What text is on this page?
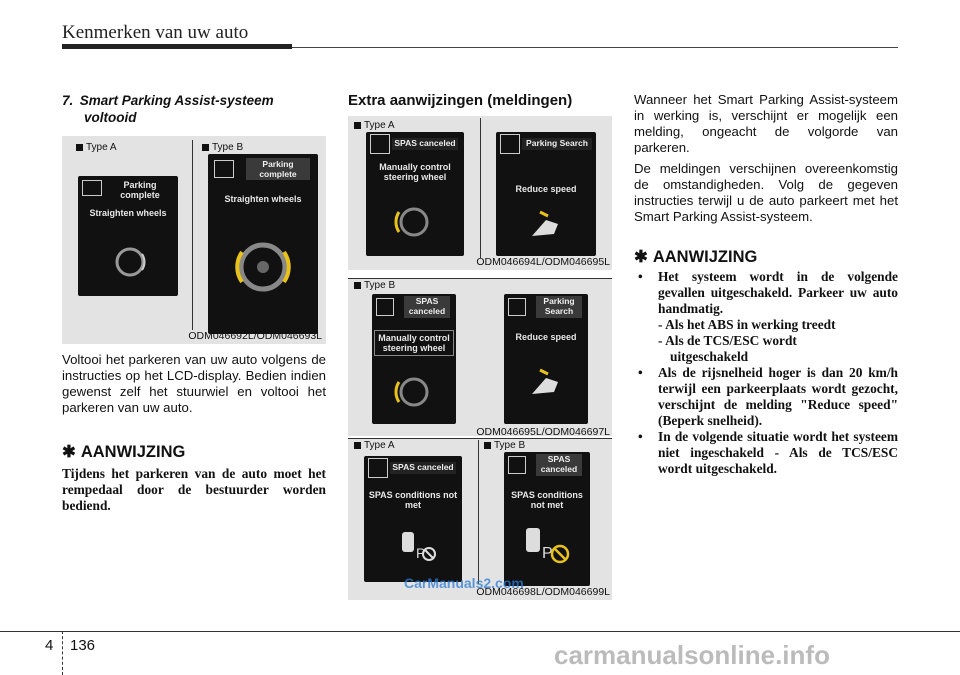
Kenmerken van uw auto
7. Smart Parking Assist-systeem
voltooid
Type A	Type B
Parking complete
Straighten wheels
Parking complete
Straighten wheels
ODM046692L/ODM046693L
Voltooi het parkeren van uw auto volgens de instructies op het LCD-display. Bedien indien gewenst zelf het stuurwiel en voltooi het parkeren van uw auto.
✱ AANWIJZING
Tijdens het parkeren van de auto moet het rempedaal door de bestuurder worden bediend.
Extra aanwijzingen (meldingen)
Type A
SPAS canceled
Manually control steering wheel
Parking Search
Reduce speed
ODM046694L/ODM046695L
Type B
SPAS canceled
Manually control steering wheel
Parking Search
Reduce speed
ODM046695L/ODM046697L
Type A	Type B
SPAS canceled
SPAS conditions not met
P
SPAS canceled
SPAS conditions not met
P
ODM046698L/ODM046699L
CarManuals2.com
Wanneer het Smart Parking Assist-systeem in werking is, verschijnt er mogelijk een melding, ongeacht de volgorde van parkeren.
De meldingen verschijnen overeenkomstig de omstandigheden. Volg de gegeven instructies terwijl u de auto parkeert met het Smart Parking Assist-systeem.
✱ AANWIJZING
• Het systeem wordt in de volgende gevallen uitgeschakeld. Parkeer uw auto handmatig.
- Als het ABS in werking treedt
- Als de TCS/ESC wordt
uitgeschakeld
• Als de rijsnelheid hoger is dan 20 km/h terwijl een parkeerplaats wordt gezocht, verschijnt de melding "Reduce speed" (Beperk snelheid).
• In de volgende situatie wordt het systeem niet ingeschakeld - Als de TCS/ESC wordt uitgeschakeld.
4 136	carmanualsonline.info
